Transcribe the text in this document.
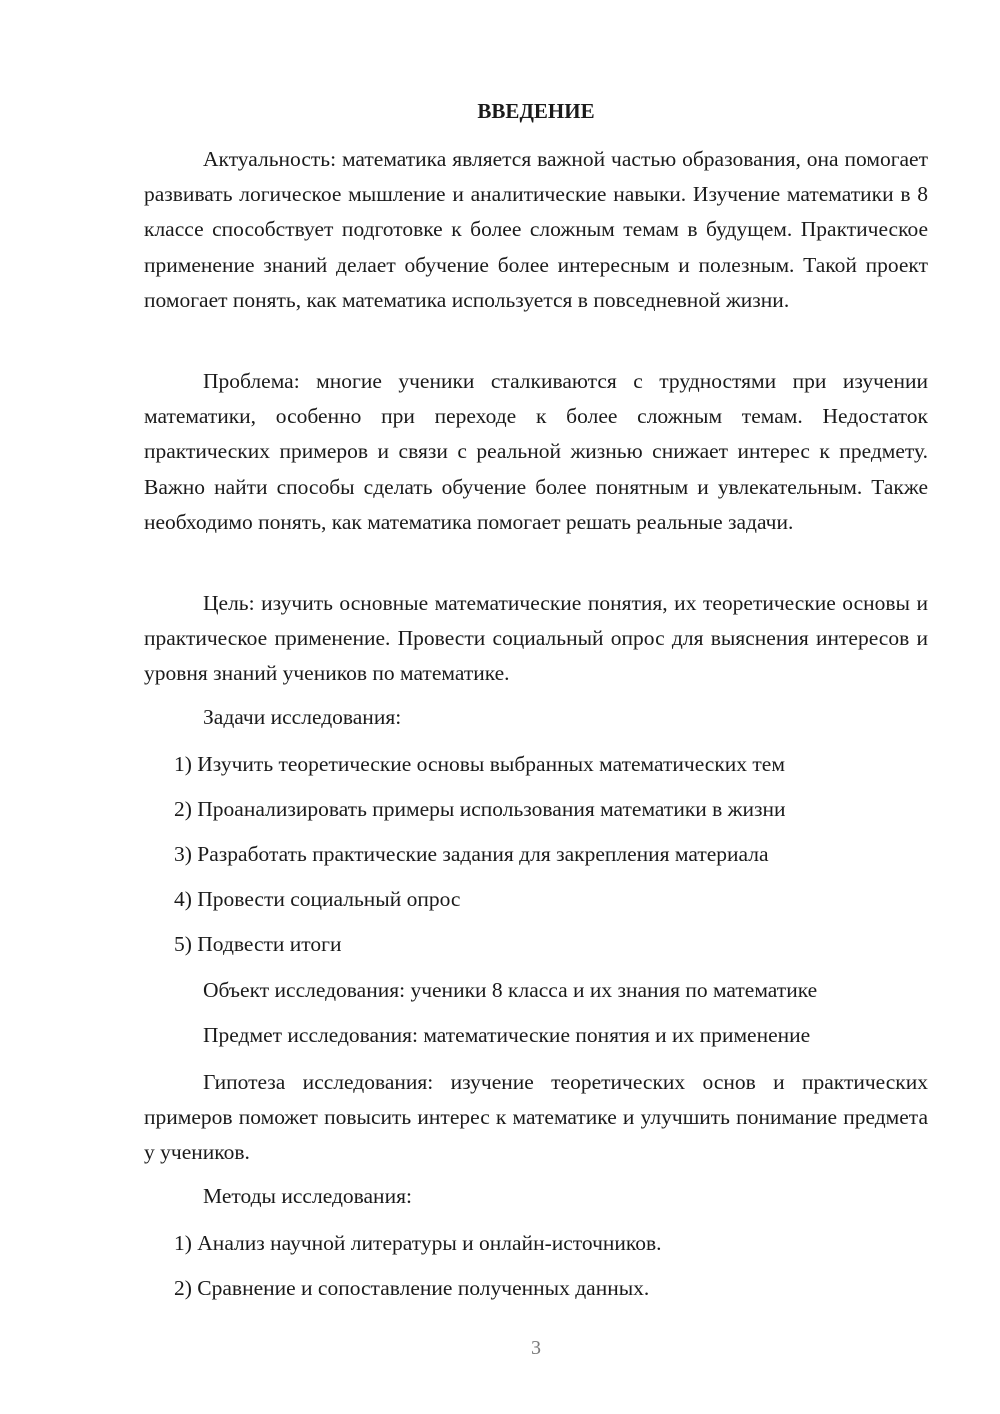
ВВЕДЕНИЕ

Актуальность: математика является важной частью образования, она помогает развивать логическое мышление и аналитические навыки. Изучение математики в 8 классе способствует подготовке к более сложным темам в будущем. Практическое применение знаний делает обучение более интересным и полезным. Такой проект помогает понять, как математика используется в повседневной жизни.

Проблема: многие ученики сталкиваются с трудностями при изучении математики, особенно при переходе к более сложным темам. Недостаток практических примеров и связи с реальной жизнью снижает интерес к предмету. Важно найти способы сделать обучение более понятным и увлекательным. Также необходимо понять, как математика помогает решать реальные задачи.

Цель: изучить основные математические понятия, их теоретические основы и практическое применение. Провести социальный опрос для выяснения интересов и уровня знаний учеников по математике.

Задачи исследования:

1) Изучить теоретические основы выбранных математических тем

2) Проанализировать примеры использования математики в жизни

3) Разработать практические задания для закрепления материала

4) Провести социальный опрос

5) Подвести итоги

Объект исследования: ученики 8 класса и их знания по математике

Предмет исследования: математические понятия и их применение

Гипотеза исследования: изучение теоретических основ и практических примеров поможет повысить интерес к математике и улучшить понимание предмета у учеников.

Методы исследования:

1) Анализ научной литературы и онлайн-источников.

2) Сравнение и сопоставление полученных данных.

3
